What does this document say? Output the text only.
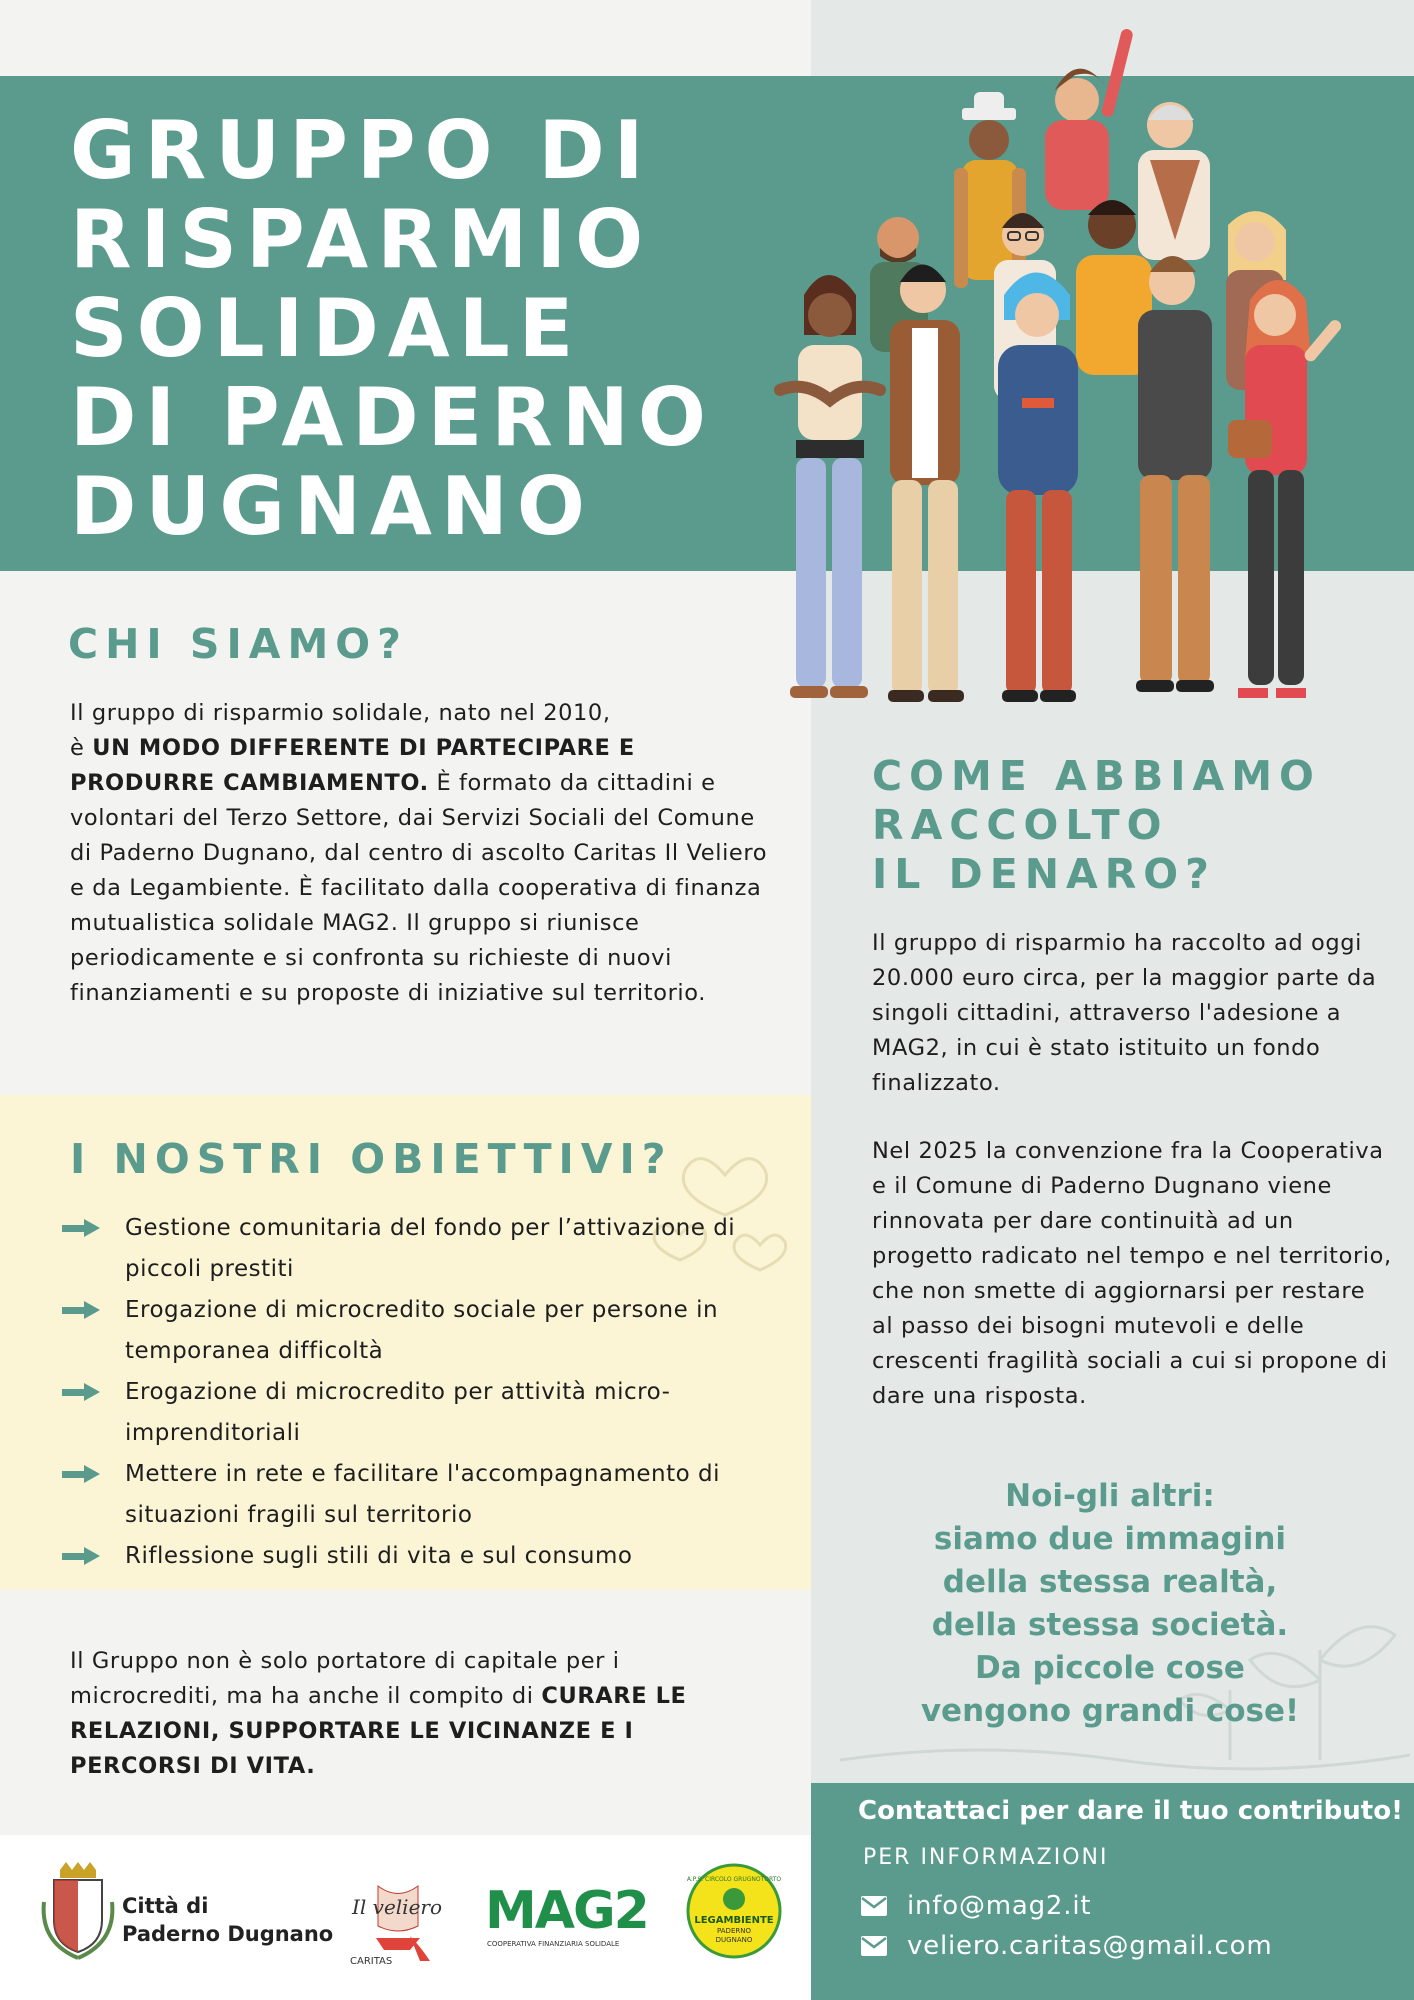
GRUPPO DI
RISPARMIO
SOLIDALE
DI PADERNO
DUGNANO
CHI SIAMO?

Il gruppo di risparmio solidale, nato nel 2010,
è UN MODO DIFFERENTE DI PARTECIPARE E PRODURRE CAMBIAMENTO. È formato da cittadini e volontari del Terzo Settore, dai Servizi Sociali del Comune di Paderno Dugnano, dal centro di ascolto Caritas Il Veliero e da Legambiente. È facilitato dalla cooperativa di finanza mutualistica solidale MAG2. Il gruppo si riunisce periodicamente e si confronta su richieste di nuovi finanziamenti e su proposte di iniziative sul territorio.

I NOSTRI OBIETTIVI?
Gestione comunitaria del fondo per l’attivazione di piccoli prestiti
Erogazione di microcredito sociale per persone in temporanea difficoltà
Erogazione di microcredito per attività micro-imprenditoriali
Mettere in rete e facilitare l'accompagnamento di situazioni fragili sul territorio
Riflessione sugli stili di vita e sul consumo

Il Gruppo non è solo portatore di capitale per i microcrediti, ma ha anche il compito di CURARE LE RELAZIONI, SUPPORTARE LE VICINANZE E I PERCORSI DI VITA.

COME ABBIAMO
RACCOLTO
IL DENARO?

Il gruppo di risparmio ha raccolto ad oggi 20.000 euro circa, per la maggior parte da singoli cittadini, attraverso l'adesione a MAG2, in cui è stato istituito un fondo finalizzato.

Nel 2025 la convenzione fra la Cooperativa e il Comune di Paderno Dugnano viene rinnovata per dare continuità ad un progetto radicato nel tempo e nel territorio, che non smette di aggiornarsi per restare al passo dei bisogni mutevoli e delle crescenti fragilità sociali a cui si propone di dare una risposta.

Noi-gli altri:
siamo due immagini
della stessa realtà,
della stessa società.
Da piccole cose
vengono grandi cose!
Contattaci per dare il tuo contributo!
PER INFORMAZIONI
info@mag2.it
veliero.caritas@gmail.com
Città di
Paderno Dugnano
Il veliero
CARITAS
MAG2
COOPERATIVA FINANZIARIA SOLIDALE
A.P.S. CIRCOLO GRUGNOTORTO
LEGAMBIENTE
PADERNO
DUGNANO
